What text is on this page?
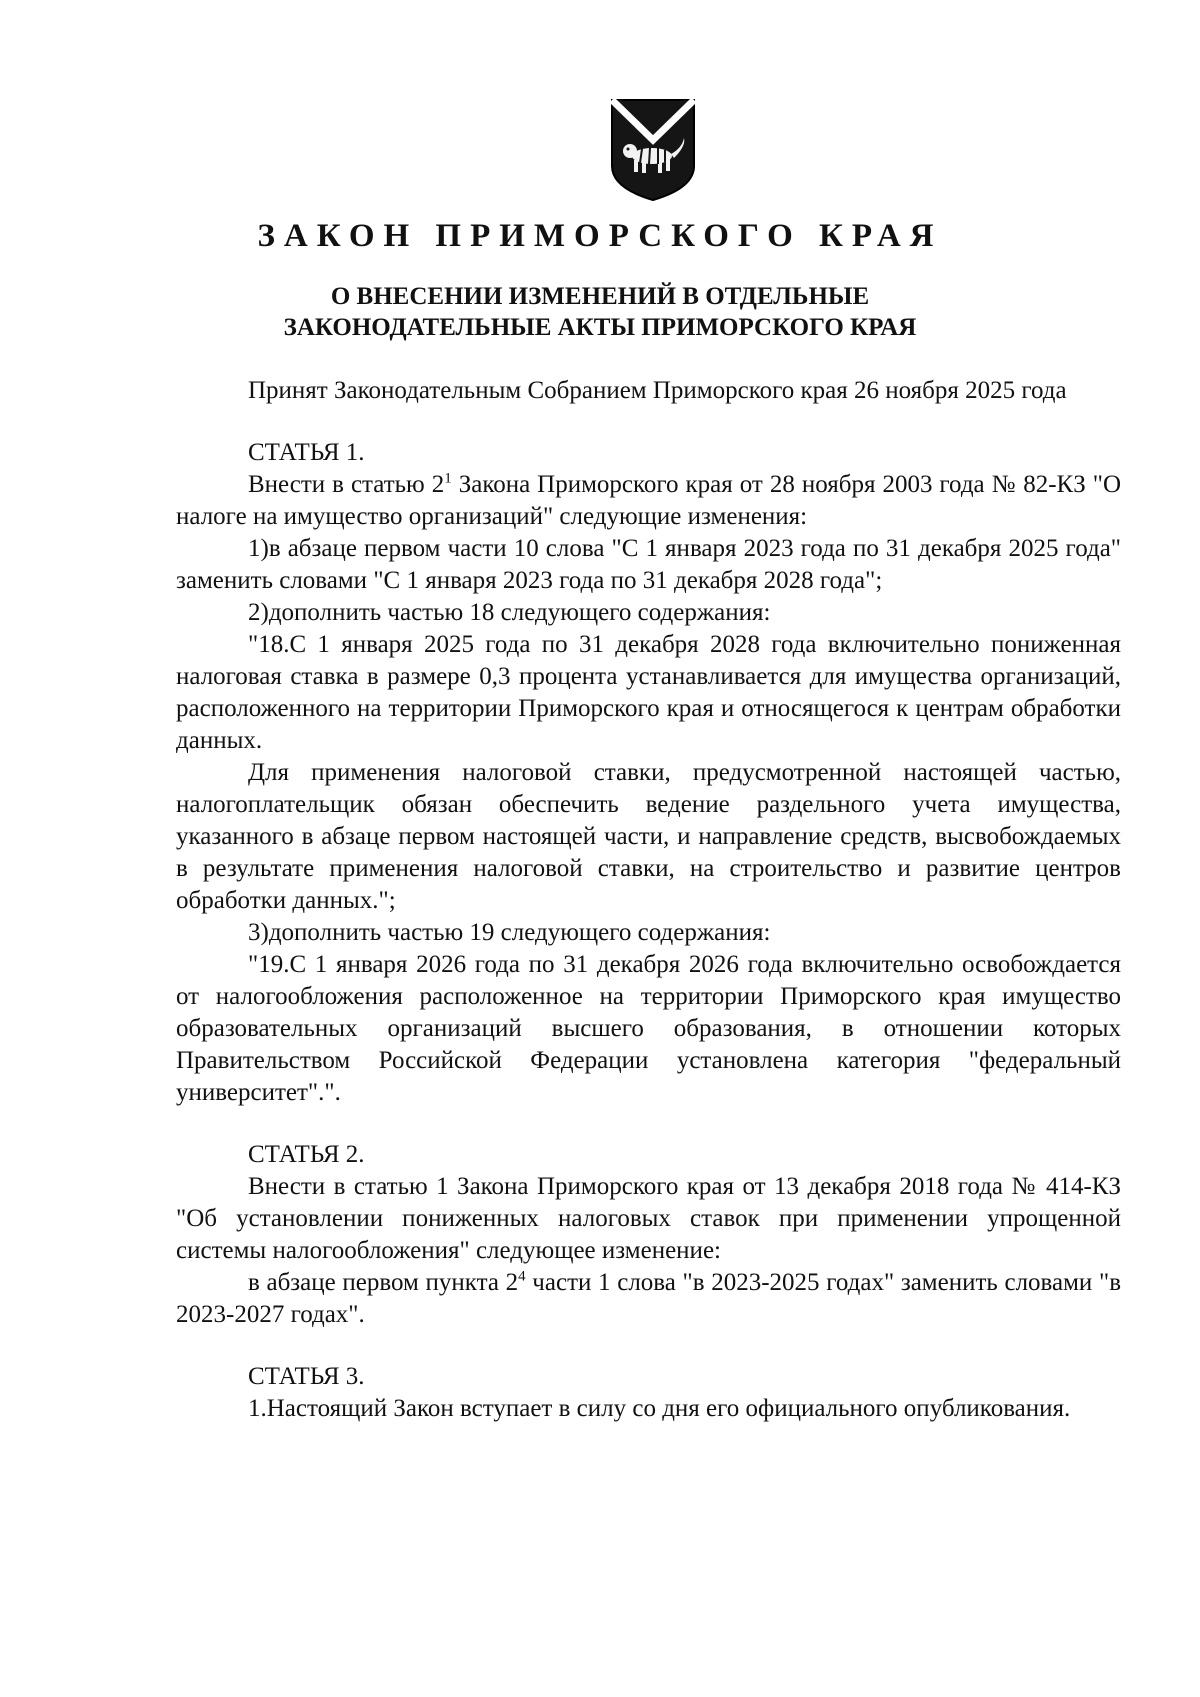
ЗАКОН ПРИМОРСКОГО КРАЯ
О ВНЕСЕНИИ ИЗМЕНЕНИЙ В ОТДЕЛЬНЫЕ
ЗАКОНОДАТЕЛЬНЫЕ АКТЫ ПРИМОРСКОГО КРАЯ

Принят Законодательным Собранием Приморского края 26 ноября 2025 года

СТАТЬЯ 1.

Внести в статью $2^1$ Закона Приморского края от 28 ноября 2003 года № 82-КЗ "О налоге на имущество организаций" следующие изменения:

1)в абзаце первом части 10 слова "С 1 января 2023 года по 31 декабря 2025 года" заменить словами "С 1 января 2023 года по 31 декабря 2028 года";

2)дополнить частью 18 следующего содержания:

"18.С 1 января 2025 года по 31 декабря 2028 года включительно пониженная налоговая ставка в размере 0,3 процента устанавливается для имущества организаций, расположенного на территории Приморского края и относящегося к центрам обработки данных.

Для применения налоговой ставки, предусмотренной настоящей частью, налогоплательщик обязан обеспечить ведение раздельного учета имущества, указанного в абзаце первом настоящей части, и направление средств, высвобождаемых в результате применения налоговой ставки, на строительство и развитие центров обработки данных.";

3)дополнить частью 19 следующего содержания:

"19.С 1 января 2026 года по 31 декабря 2026 года включительно освобождается от налогообложения расположенное на территории Приморского края имущество образовательных организаций высшего образования, в отношении которых Правительством Российской Федерации установлена категория "федеральный университет".".

СТАТЬЯ 2.

Внести в статью 1 Закона Приморского края от 13 декабря 2018 года № 414-КЗ "Об установлении пониженных налоговых ставок при применении упрощенной системы налогообложения" следующее изменение:

в абзаце первом пункта $2^4$ части 1 слова "в 2023-2025 годах" заменить словами "в 2023-2027 годах".

СТАТЬЯ 3.

1.Настоящий Закон вступает в силу со дня его официального опубликования.
